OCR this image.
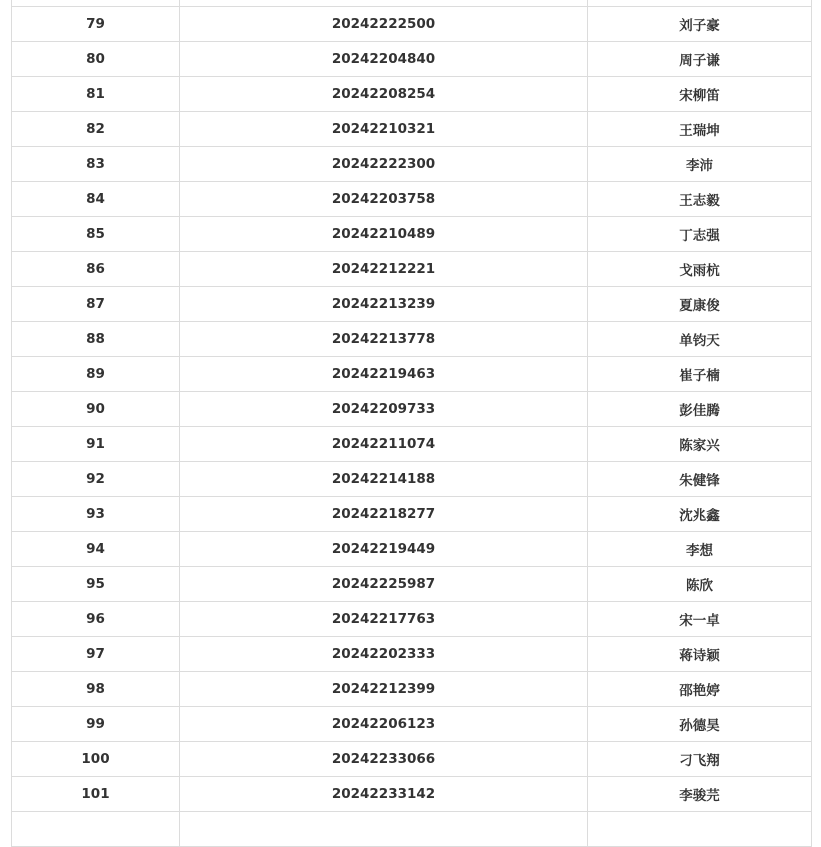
79	20242222500	刘子豪
80	20242204840	周子谦
81	20242208254	宋柳笛
82	20242210321	王瑞坤
83	20242222300	李沛
84	20242203758	王志毅
85	20242210489	丁志强
86	20242212221	戈雨杭
87	20242213239	夏康俊
88	20242213778	单钧天
89	20242219463	崔子楠
90	20242209733	彭佳腾
91	20242211074	陈家兴
92	20242214188	朱健锋
93	20242218277	沈兆鑫
94	20242219449	李想
95	20242225987	陈欣
96	20242217763	宋一卓
97	20242202333	蒋诗颖
98	20242212399	邵艳婷
99	20242206123	孙德昊
100	20242233066	刁飞翔
101	20242233142	李骏芫
